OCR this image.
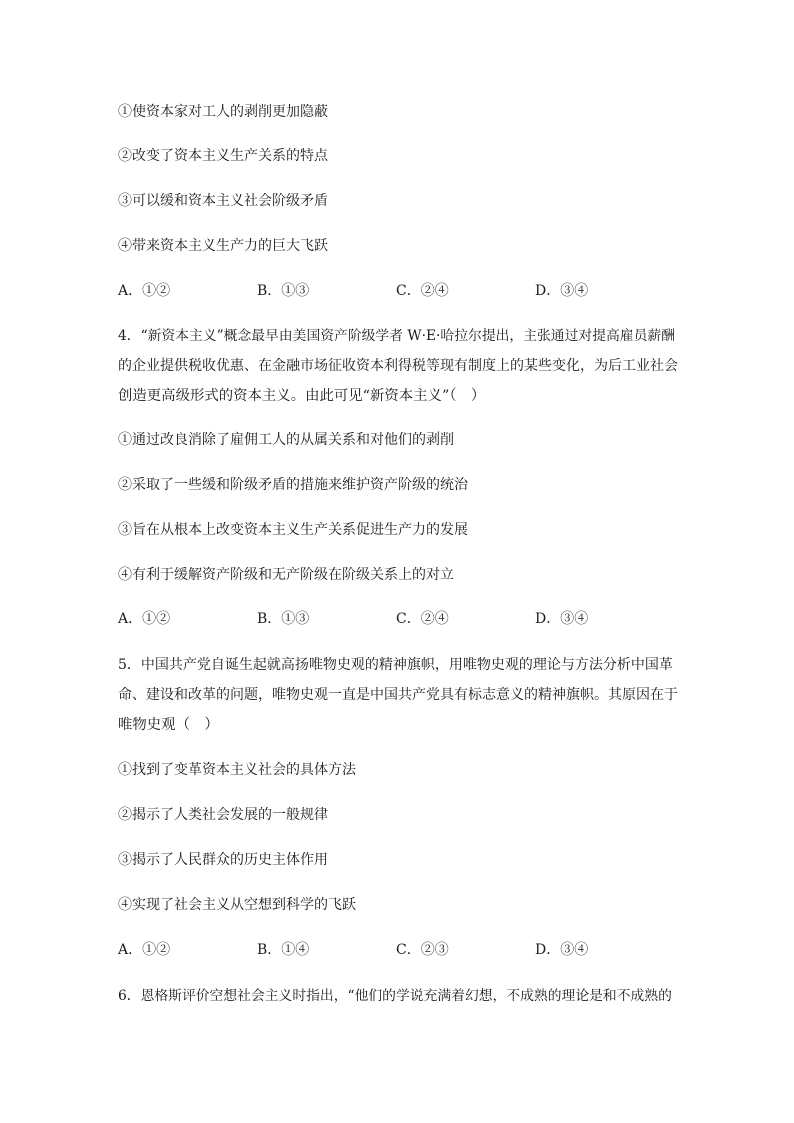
①使资本家对工人的剥削更加隐蔽
②改变了资本主义生产关系的特点
③可以缓和资本主义社会阶级矛盾
④带来资本主义生产力的巨大飞跃
A．①②	B．①③	C．②④	D．③④
4．“新资本主义”概念最早由美国资产阶级学者 W·E·哈拉尔提出，主张通过对提高雇员薪酬
的企业提供税收优惠、在金融市场征收资本利得税等现有制度上的某些变化，为后工业社会
创造更高级形式的资本主义。由此可见“新资本主义”（　）
①通过改良消除了雇佣工人的从属关系和对他们的剥削
②采取了一些缓和阶级矛盾的措施来维护资产阶级的统治
③旨在从根本上改变资本主义生产关系促进生产力的发展
④有利于缓解资产阶级和无产阶级在阶级关系上的对立
A．①②	B．①③	C．②④	D．③④
5．中国共产党自诞生起就高扬唯物史观的精神旗帜，用唯物史观的理论与方法分析中国革
命、建设和改革的问题，唯物史观一直是中国共产党具有标志意义的精神旗帜。其原因在于
唯物史观（　）
①找到了变革资本主义社会的具体方法
②揭示了人类社会发展的一般规律
③揭示了人民群众的历史主体作用
④实现了社会主义从空想到科学的飞跃
A．①②	B．①④	C．②③	D．③④
6．恩格斯评价空想社会主义时指出，“他们的学说充满着幻想，不成熟的理论是和不成熟的
